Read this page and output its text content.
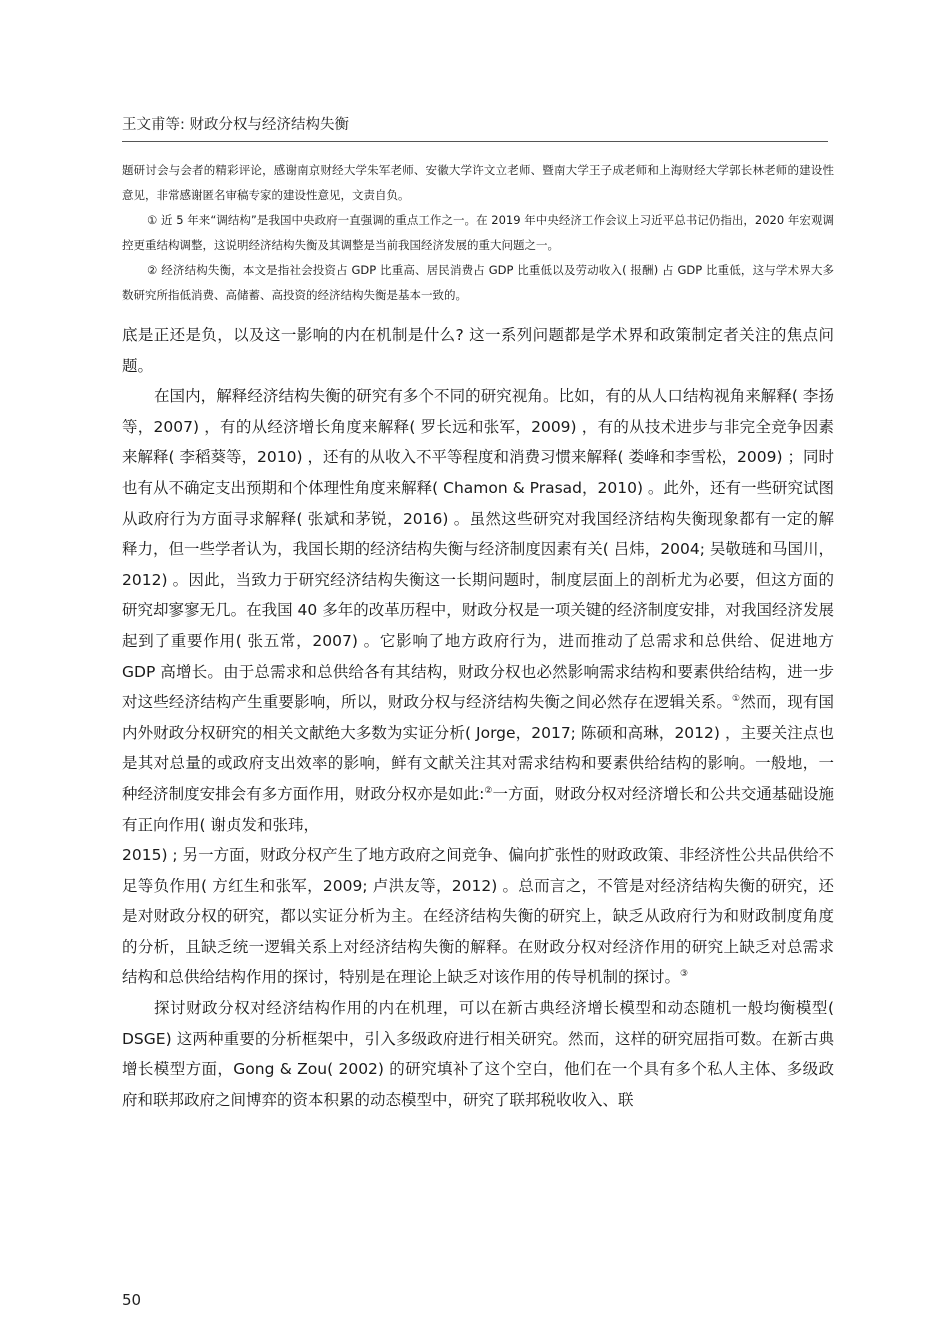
王文甫等: 财政分权与经济结构失衡

题研讨会与会者的精彩评论，感谢南京财经大学朱军老师、安徽大学许文立老师、暨南大学王子成老师和上海财经大学郭长林老师的建设性意见，非常感谢匿名审稿专家的建设性意见，文责自负。

① 近 5 年来“调结构”是我国中央政府一直强调的重点工作之一。在 2019 年中央经济工作会议上习近平总书记仍指出，2020 年宏观调控更重结构调整，这说明经济结构失衡及其调整是当前我国经济发展的重大问题之一。

② 经济结构失衡，本文是指社会投资占 GDP 比重高、居民消费占 GDP 比重低以及劳动收入( 报酬) 占 GDP 比重低，这与学术界大多数研究所指低消费、高储蓄、高投资的经济结构失衡是基本一致的。

底是正还是负，以及这一影响的内在机制是什么? 这一系列问题都是学术界和政策制定者关注的焦点问题。

在国内，解释经济结构失衡的研究有多个不同的研究视角。比如，有的从人口结构视角来解释( 李扬等，2007) ，有的从经济增长角度来解释( 罗长远和张军，2009) ，有的从技术进步与非完全竞争因素来解释( 李稻葵等，2010) ，还有的从收入不平等程度和消费习惯来解释( 娄峰和李雪松，2009) ；同时也有从不确定支出预期和个体理性角度来解释( Chamon & Prasad，2010) 。此外，还有一些研究试图从政府行为方面寻求解释( 张斌和茅锐，2016) 。虽然这些研究对我国经济结构失衡现象都有一定的解释力，但一些学者认为，我国长期的经济结构失衡与经济制度因素有关( 吕炜，2004; 吴敬琏和马国川，2012) 。因此，当致力于研究经济结构失衡这一长期问题时，制度层面上的剖析尤为必要，但这方面的研究却寥寥无几。在我国 40 多年的改革历程中，财政分权是一项关键的经济制度安排，对我国经济发展起到了重要作用( 张五常，2007) 。它影响了地方政府行为，进而推动了总需求和总供给、促进地方 GDP 高增长。由于总需求和总供给各有其结构，财政分权也必然影响需求结构和要素供给结构，进一步对这些经济结构产生重要影响，所以，财政分权与经济结构失衡之间必然存在逻辑关系。①然而，现有国内外财政分权研究的相关文献绝大多数为实证分析( Jorge，2017; 陈硕和高琳，2012) ，主要关注点也是其对总量的或政府支出效率的影响，鲜有文献关注其对需求结构和要素供给结构的影响。一般地，一种经济制度安排会有多方面作用，财政分权亦是如此:②一方面，财政分权对经济增长和公共交通基础设施有正向作用( 谢贞发和张玮，

2015) ; 另一方面，财政分权产生了地方政府之间竞争、偏向扩张性的财政政策、非经济性公共品供给不足等负作用( 方红生和张军，2009; 卢洪友等，2012) 。总而言之，不管是对经济结构失衡的研究，还是对财政分权的研究，都以实证分析为主。在经济结构失衡的研究上，缺乏从政府行为和财政制度角度的分析，且缺乏统一逻辑关系上对经济结构失衡的解释。在财政分权对经济作用的研究上缺乏对总需求结构和总供给结构作用的探讨，特别是在理论上缺乏对该作用的传导机制的探讨。③

探讨财政分权对经济结构作用的内在机理，可以在新古典经济增长模型和动态随机一般均衡模型( DSGE) 这两种重要的分析框架中，引入多级政府进行相关研究。然而，这样的研究屈指可数。在新古典增长模型方面，Gong & Zou( 2002) 的研究填补了这个空白，他们在一个具有多个私人主体、多级政府和联邦政府之间博弈的资本积累的动态模型中，研究了联邦税收收入、联

50
